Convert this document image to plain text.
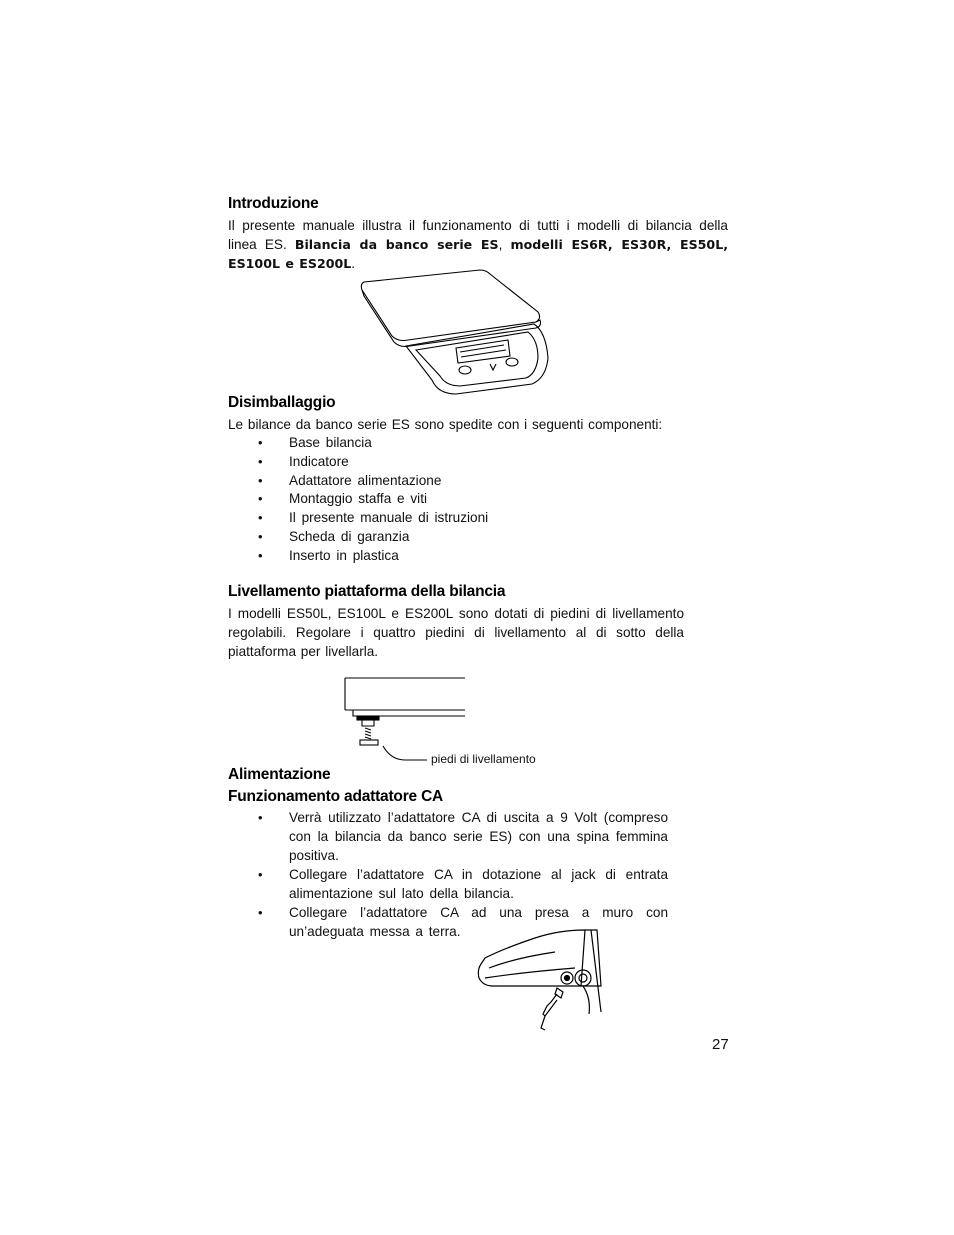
Introduzione
Il presente manuale illustra il funzionamento di tutti i modelli di bilancia della linea ES. Bilancia da banco serie ES, modelli ES6R, ES30R, ES50L, ES100L e ES200L.
Disimballaggio
Le bilance da banco serie ES sono spedite con i seguenti componenti:
• Base bilancia
• Indicatore
• Adattatore alimentazione
• Montaggio staffa e viti
• Il presente manuale di istruzioni
• Scheda di garanzia
• Inserto in plastica
Livellamento piattaforma della bilancia
I modelli ES50L, ES100L e ES200L sono dotati di piedini di livellamento regolabili. Regolare i quattro piedini di livellamento al di sotto della piattaforma per livellarla.
piedi di livellamento
Alimentazione
Funzionamento adattatore CA
• Verrà utilizzato l’adattatore CA di uscita a 9 Volt (compreso con la bilancia da banco serie ES) con una spina femmina positiva.
• Collegare l’adattatore CA in dotazione al jack di entrata alimentazione sul lato della bilancia.
• Collegare l’adattatore CA ad una presa a muro con un’adeguata messa a terra.
27
